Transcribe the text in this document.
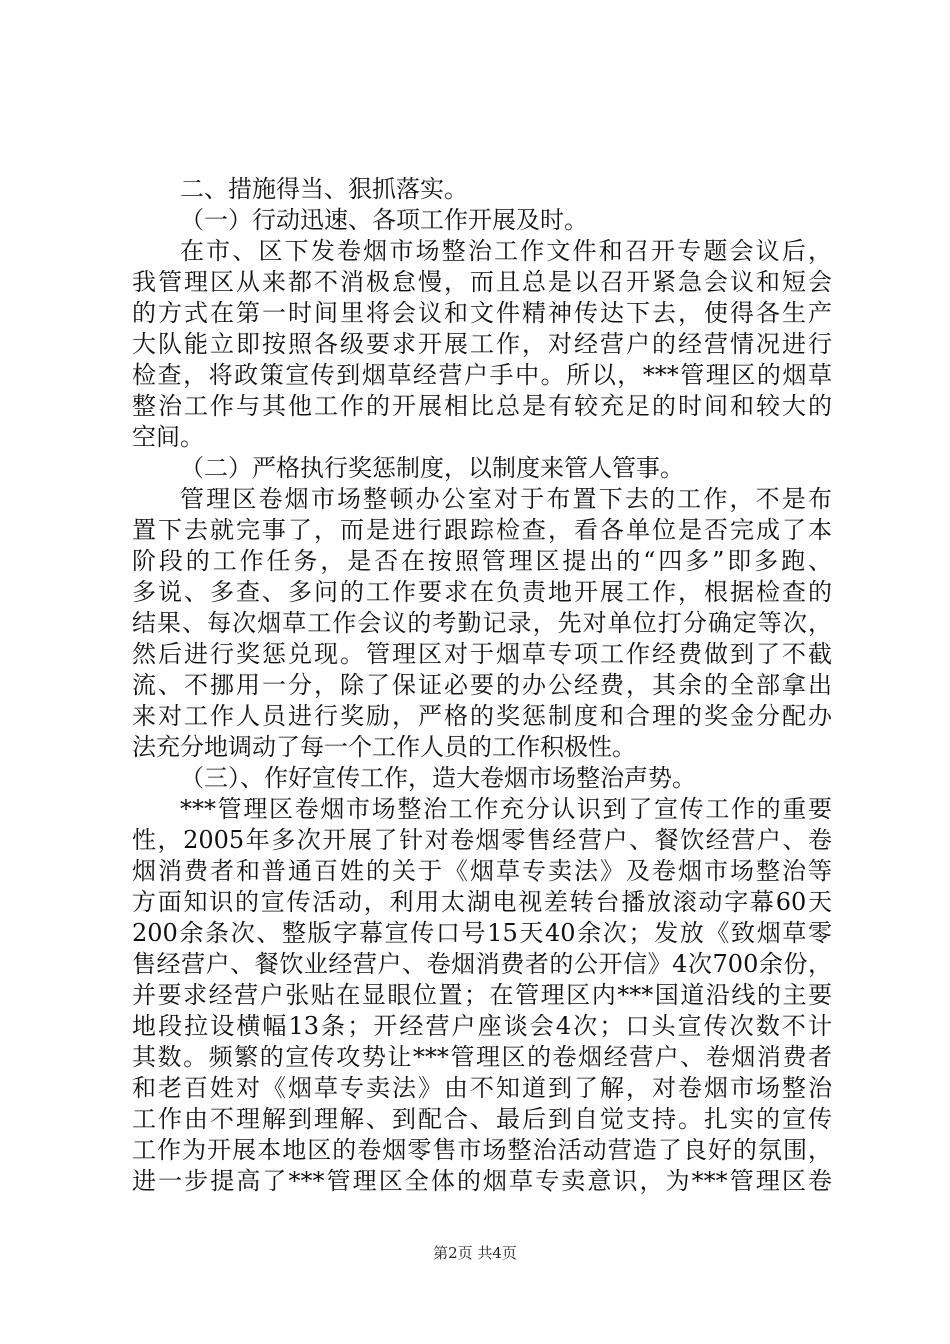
二、措施得当、狠抓落实。
（一）行动迅速、各项工作开展及时。
在市、区下发卷烟市场整治工作文件和召开专题会议后，
我管理区从来都不消极怠慢，而且总是以召开紧急会议和短会
的方式在第一时间里将会议和文件精神传达下去，使得各生产
大队能立即按照各级要求开展工作，对经营户的经营情况进行
检查，将政策宣传到烟草经营户手中。所以，***管理区的烟草
整治工作与其他工作的开展相比总是有较充足的时间和较大的
空间。
（二）严格执行奖惩制度，以制度来管人管事。
管理区卷烟市场整顿办公室对于布置下去的工作，不是布
置下去就完事了，而是进行跟踪检查，看各单位是否完成了本
阶段的工作任务，是否在按照管理区提出的“四多”即多跑、
多说、多查、多问的工作要求在负责地开展工作，根据检查的
结果、每次烟草工作会议的考勤记录，先对单位打分确定等次，
然后进行奖惩兑现。管理区对于烟草专项工作经费做到了不截
流、不挪用一分，除了保证必要的办公经费，其余的全部拿出
来对工作人员进行奖励，严格的奖惩制度和合理的奖金分配办
法充分地调动了每一个工作人员的工作积极性。
（三）、作好宣传工作，造大卷烟市场整治声势。
***管理区卷烟市场整治工作充分认识到了宣传工作的重要
性，2005年多次开展了针对卷烟零售经营户、餐饮经营户、卷
烟消费者和普通百姓的关于《烟草专卖法》及卷烟市场整治等
方面知识的宣传活动，利用太湖电视差转台播放滚动字幕60天
200余条次、整版字幕宣传口号15天40余次；发放《致烟草零
售经营户、餐饮业经营户、卷烟消费者的公开信》4次700余份，
并要求经营户张贴在显眼位置；在管理区内***国道沿线的主要
地段拉设横幅13条；开经营户座谈会4次；口头宣传次数不计
其数。频繁的宣传攻势让***管理区的卷烟经营户、卷烟消费者
和老百姓对《烟草专卖法》由不知道到了解，对卷烟市场整治
工作由不理解到理解、到配合、最后到自觉支持。扎实的宣传
工作为开展本地区的卷烟零售市场整治活动营造了良好的氛围，
进一步提高了***管理区全体的烟草专卖意识，为***管理区卷
第2页 共4页
